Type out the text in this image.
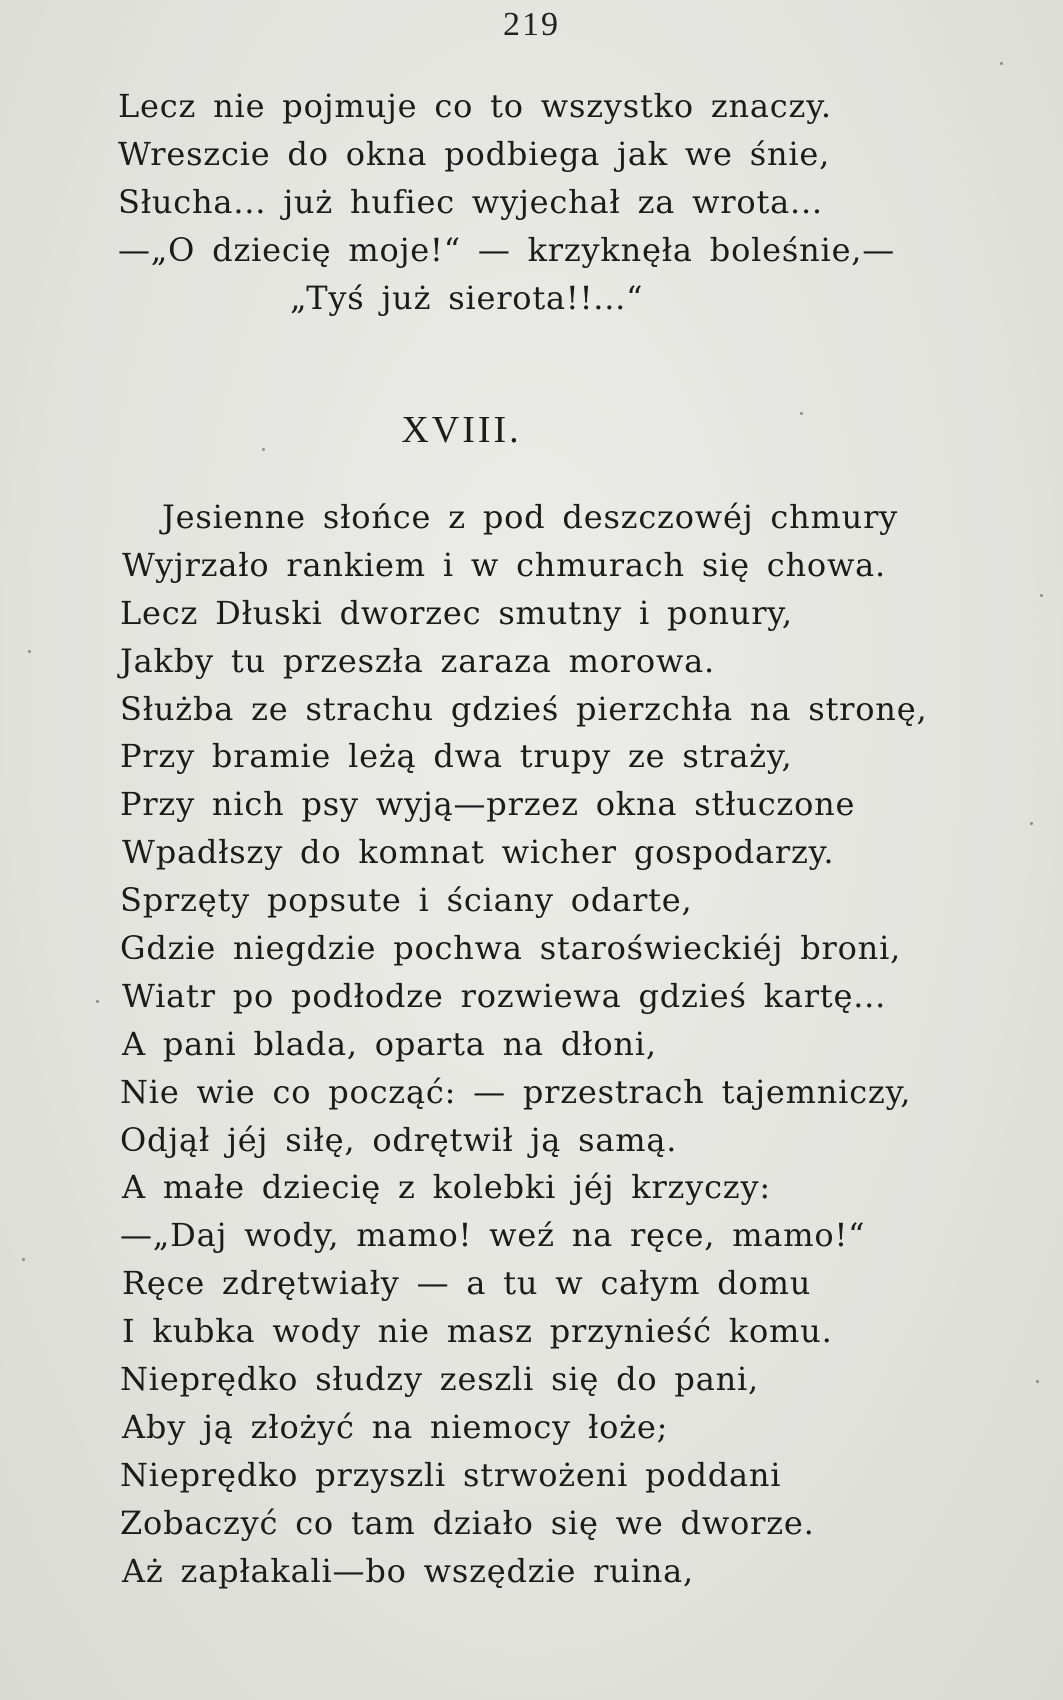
219
Lecz nie pojmuje co to wszystko znaczy.
Wreszcie do okna podbiega jak we śnie,
Słucha... już hufiec wyjechał za wrota...
—„O dziecię moje!“ — krzyknęła boleśnie,—
„Tyś już sierota!!...“
XVIII.
Jesienne słońce z pod deszczowéj chmury
Wyjrzało rankiem i w chmurach się chowa.
Lecz Dłuski dworzec smutny i ponury,
Jakby tu przeszła zaraza morowa.
Służba ze strachu gdzieś pierzchła na stronę,
Przy bramie leżą dwa trupy ze straży,
Przy nich psy wyją—przez okna stłuczone
Wpadłszy do komnat wicher gospodarzy.
Sprzęty popsute i ściany odarte,
Gdzie niegdzie pochwa staroświeckiéj broni,
Wiatr po podłodze rozwiewa gdzieś kartę...
A pani blada, oparta na dłoni,
Nie wie co począć: — przestrach tajemniczy,
Odjął jéj siłę, odrętwił ją samą.
A małe dziecię z kolebki jéj krzyczy:
—„Daj wody, mamo! weź na ręce, mamo!“
Ręce zdrętwiały — a tu w całym domu
I kubka wody nie masz przynieść komu.
Nieprędko słudzy zeszli się do pani,
Aby ją złożyć na niemocy łoże;
Nieprędko przyszli strwożeni poddani
Zobaczyć co tam działo się we dworze.
Aż zapłakali—bo wszędzie ruina,
